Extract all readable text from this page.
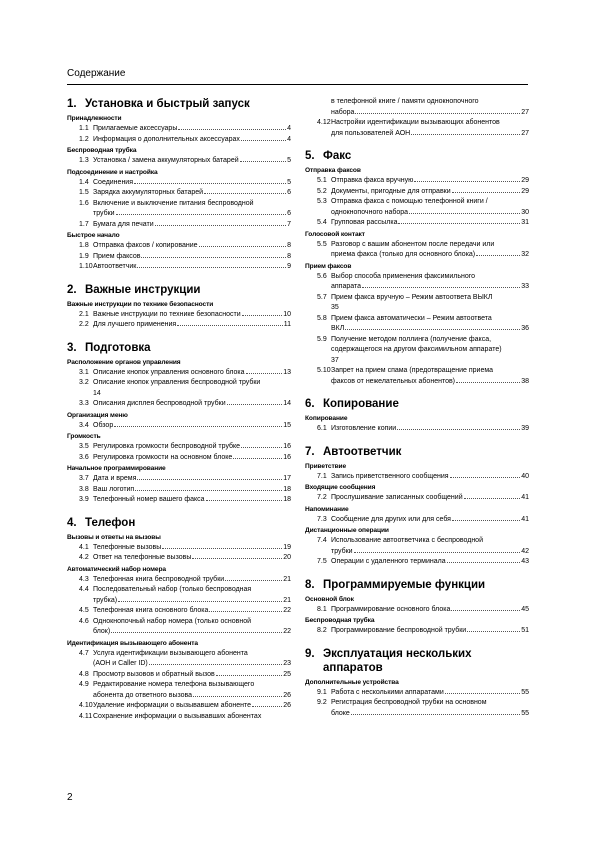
Содержание
1. Установка и быстрый запуск
Принадлежности
1.1 Прилагаемые аксессуары	4
1.2 Информация о дополнительных аксессуарах	4
Беспроводная трубка
1.3 Установка / замена аккумуляторных батарей	5
Подсоединение и настройка
1.4 Соединения	5
1.5 Зарядка аккумуляторных батарей	6
1.6 Включение и выключение питания беспроводной
трубки	6
1.7 Бумага для печати	7
Быстрое начало
1.8 Отправка факсов / копирование	8
1.9 Прием факсов	8
1.10 Автоответчик	9
2. Важные инструкции
Важные инструкции по технике безопасности
2.1 Важные инструкции по технике безопасности	10
2.2 Для лучшего применения	11
3. Подготовка
Расположение органов управления
3.1 Описание кнопок управления основного блока	13
3.2 Описание кнопок управления беспроводной трубки
14
3.3 Описания дисплея беспроводной трубки	14
Организация меню
3.4 Обзор	15
Громкость
3.5 Регулировка громкости беспроводной трубке	16
3.6 Регулировка громкости на основном блоке	16
Начальное программирование
3.7 Дата и время	17
3.8 Ваш логотип	18
3.9 Телефонный номер вашего факса	18
4. Телефон
Вызовы и ответы на вызовы
4.1 Телефонные вызовы	19
4.2 Ответ на телефонные вызовы	20
Автоматический набор номера
4.3 Телефонная книга беспроводной трубки	21
4.4 Последовательный набор (только беспроводная
трубка)	21
4.5 Телефонная книга основного блока	22
4.6 Однокнопочный набор номера (только основной
блок)	22
Идентификация вызывающего абонента
4.7 Услуга идентификации вызывающего абонента
(АОН и Caller ID)	23
4.8 Просмотр вызовов и обратный вызов	25
4.9 Редактирование номера телефона вызывающего
абонента до ответного вызова	26
4.10 Удаление информации о вызывавшем абоненте	26
4.11 Сохранение информации о вызывавших абонентах
в телефонной книге / памяти однокнопочного
набора	27
4.12 Настройки идентификации вызывающих абонентов
для пользователей АОН	27
5. Факс
Отправка факсов
5.1 Отправка факса вручную	29
5.2 Документы, пригодные для отправки	29
5.3 Отправка факса с помощью телефонной книги /
однокнопочного набора	30
5.4 Групповая рассылка	31
Голосовой контакт
5.5 Разговор с вашим абонентом после передачи или
приема факса (только для основного блока)	32
Прием факсов
5.6 Выбор способа применения факсимильного
аппарата	33
5.7 Прием факса вручную – Режим автоответа ВЫКЛ
35
5.8 Прием факса автоматически – Режим автоответа
ВКЛ	36
5.9 Получение методом поллинга (получение факса,
содержащегося на другом факсимильном аппарате)
37
5.10 Запрет на прием спама (предотвращение приема
факсов от нежелательных абонентов)	38
6. Копирование
Копирование
6.1 Изготовление копии	39
7. Автоответчик
Приветствие
7.1 Запись приветственного сообщения	40
Входящие сообщения
7.2 Прослушивание записанных сообщений	41
Напоминание
7.3 Сообщение для других или для себя	41
Дистанционные операции
7.4 Использование автоответчика с беспроводной
трубки	42
7.5 Операции с удаленного терминала	43
8. Программируемые функции
Основной блок
8.1 Программирование основного блока	45
Беспроводная трубка
8.2 Программирование беспроводной трубки	51
9. Эксплуатация нескольких аппаратов
Дополнительные устройства
9.1 Работа с несколькими аппаратами	55
9.2 Регистрация беспроводной трубки на основном
блоке	55
2
